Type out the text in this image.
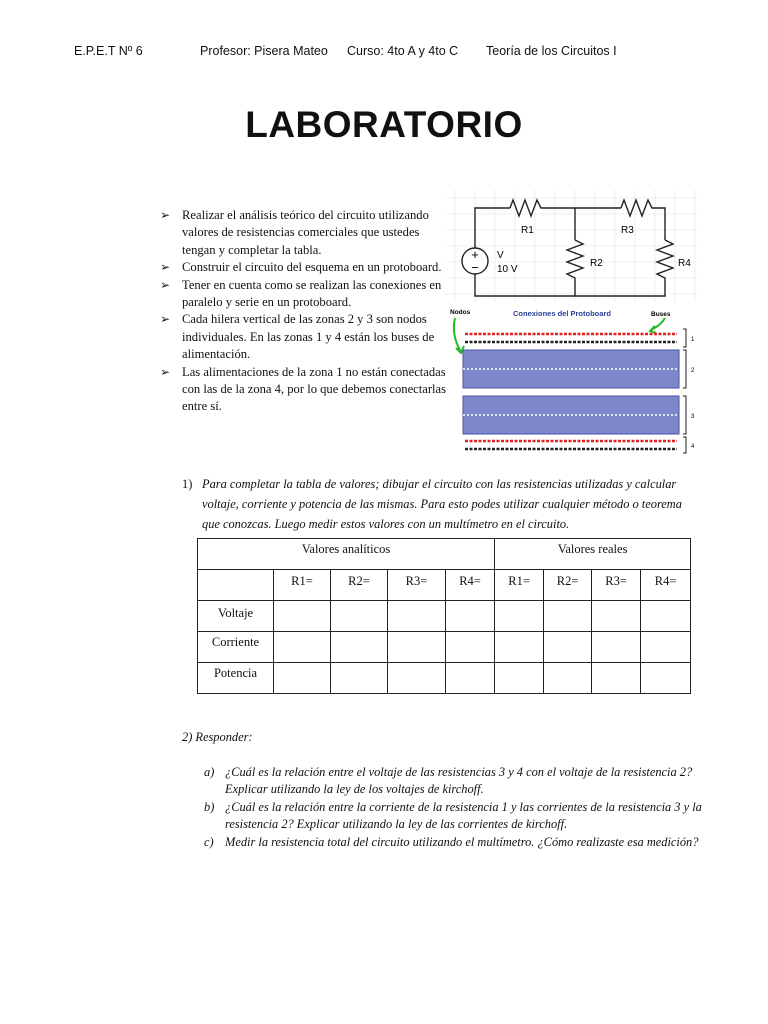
E.P.E.T Nº 6	Profesor: Pisera Mateo Curso: 4to A y 4to C Teoría de los Circuitos I
LABORATORIO
➢ Realizar el análisis teórico del circuito utilizando valores de resistencias comerciales que ustedes tengan y completar la tabla.
➢ Construir el circuito del esquema en un protoboard.
➢ Tener en cuenta como se realizan las conexiones en paralelo y serie en un protoboard.
➢ Cada hilera vertical de las zonas 2 y 3 son nodos individuales. En las zonas 1 y 4 están los buses de alimentación.
➢ Las alimentaciones de la zona 1 no están conectadas con las de la zona 4, por lo que debemos conectarlas entre sí.
+
−
V
10 V
R1
R2
R3
R4
Nodos	Conexiones del Protoboard	Buses
1
2
3
4
1) Para completar la tabla de valores; dibujar el circuito con las resistencias utilizadas y calcular voltaje, corriente y potencia de las mismas. Para esto podes utilizar cualquier método o teorema que conozcas. Luego medir estos valores con un multímetro en el circuito.
Valores analíticos					Valores reales			
	R1=	R2=	R3=	R4=	R1=	R2=	R3=	R4=
Voltaje								
Corriente								
Potencia								
2) Responder:
a) ¿Cuál es la relación entre el voltaje de las resistencias 3 y 4 con el voltaje de la resistencia 2? Explicar utilizando la ley de los voltajes de kirchoff.
b) ¿Cuál es la relación entre la corriente de la resistencia 1 y las corrientes de la resistencia 3 y la resistencia 2? Explicar utilizando la ley de las corrientes de kirchoff.
c) Medir la resistencia total del circuito utilizando el multímetro. ¿Cómo realizaste esa medición?
